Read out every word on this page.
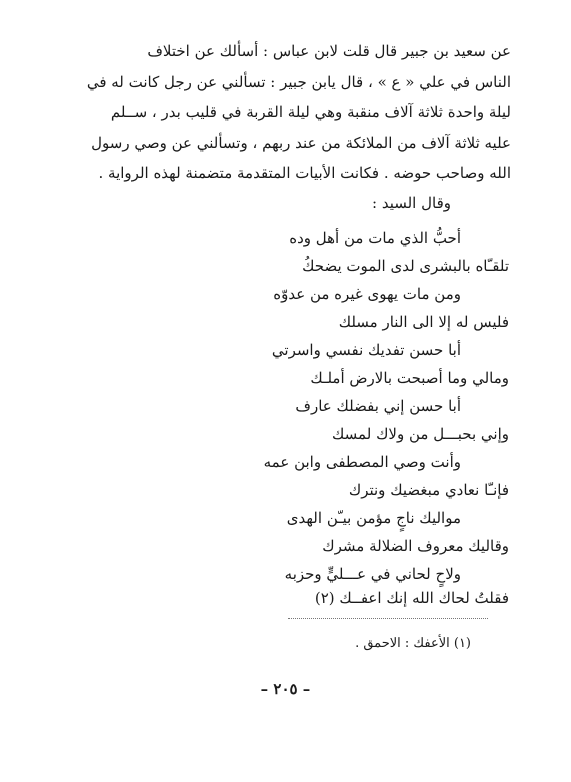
عن سعيد بن جبير قال قلت لابن عباس : أسألك عن اختلاف
الناس في علي « ع » ، قال يابن جبير : تسألني عن رجل كانت له في
ليلة واحدة ثلاثة آلاف منقبة وهي ليلة القربة في قليب بدر ، ســلم
عليه ثلاثة آلاف من الملائكة من عند ربهم ، وتسألني عن وصي رسول
الله وصاحب حوضه . فكانت الأبيات المتقدمة متضمنة لهذه الرواية .

وقال السيد :
أحبُّ الذي مات من أهل وده
تلقـّاه بالبشرى لدى الموت يضحكُ
ومن مات يهوى غيره من عدوّه
فليس له إلا الى النار مسلك
أبا حسن تفديك نفسي واسرتي
ومالي وما أصبحت بالارض أملـك
أبا حسن إني بفضلك عارف
وإني بحبـــل من ولاك لمسك
وأنت وصي المصطفى وابن عمه
فإنـّا نعادي مبغضيك ونترك
مواليك ناجٍ مؤمن بيـّن الهدى
وقاليك معروف الضلالة مشرك
ولاحٍ لحاني في عـــليٍّ وحزبه
فقلتُ لحاك الله إنك اعفــك (٢)
(١) الأعفك : الاحمق .
– ٢٠٥ –
